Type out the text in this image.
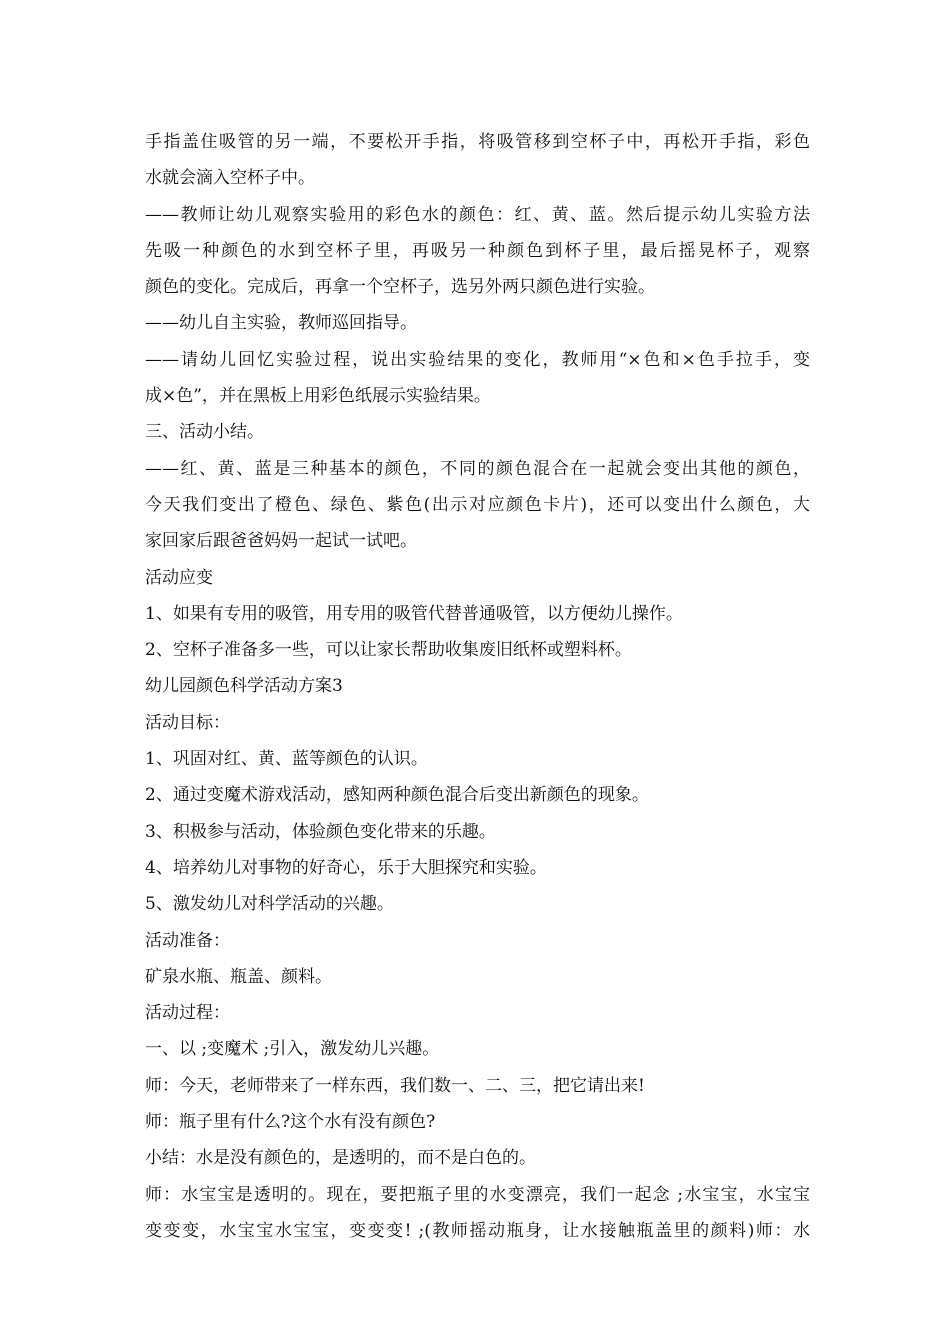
手指盖住吸管的另一端，不要松开手指，将吸管移到空杯子中，再松开手指，彩色
水就会滴入空杯子中。
——教师让幼儿观察实验用的彩色水的颜色：红、黄、蓝。然后提示幼儿实验方法
先吸一种颜色的水到空杯子里，再吸另一种颜色到杯子里，最后摇晃杯子，观察
颜色的变化。完成后，再拿一个空杯子，选另外两只颜色进行实验。
——幼儿自主实验，教师巡回指导。
——请幼儿回忆实验过程，说出实验结果的变化，教师用“×色和×色手拉手，变
成×色”，并在黑板上用彩色纸展示实验结果。
三、活动小结。
——红、黄、蓝是三种基本的颜色，不同的颜色混合在一起就会变出其他的颜色，
今天我们变出了橙色、绿色、紫色(出示对应颜色卡片)，还可以变出什么颜色，大
家回家后跟爸爸妈妈一起试一试吧。
活动应变
1、如果有专用的吸管，用专用的吸管代替普通吸管，以方便幼儿操作。
2、空杯子准备多一些，可以让家长帮助收集废旧纸杯或塑料杯。
幼儿园颜色科学活动方案3
活动目标：
1、巩固对红、黄、蓝等颜色的认识。
2、通过变魔术游戏活动，感知两种颜色混合后变出新颜色的现象。
3、积极参与活动，体验颜色变化带来的乐趣。
4、培养幼儿对事物的好奇心，乐于大胆探究和实验。
5、激发幼儿对科学活动的兴趣。
活动准备：
矿泉水瓶、瓶盖、颜料。
活动过程：
一、以 ;变魔术 ;引入，激发幼儿兴趣。
师：今天，老师带来了一样东西，我们数一、二、三，把它请出来!
师：瓶子里有什么?这个水有没有颜色?
小结：水是没有颜色的，是透明的，而不是白色的。
师：水宝宝是透明的。现在，要把瓶子里的水变漂亮，我们一起念 ;水宝宝，水宝宝
变变变，水宝宝水宝宝，变变变! ;(教师摇动瓶身，让水接触瓶盖里的颜料)师：水
